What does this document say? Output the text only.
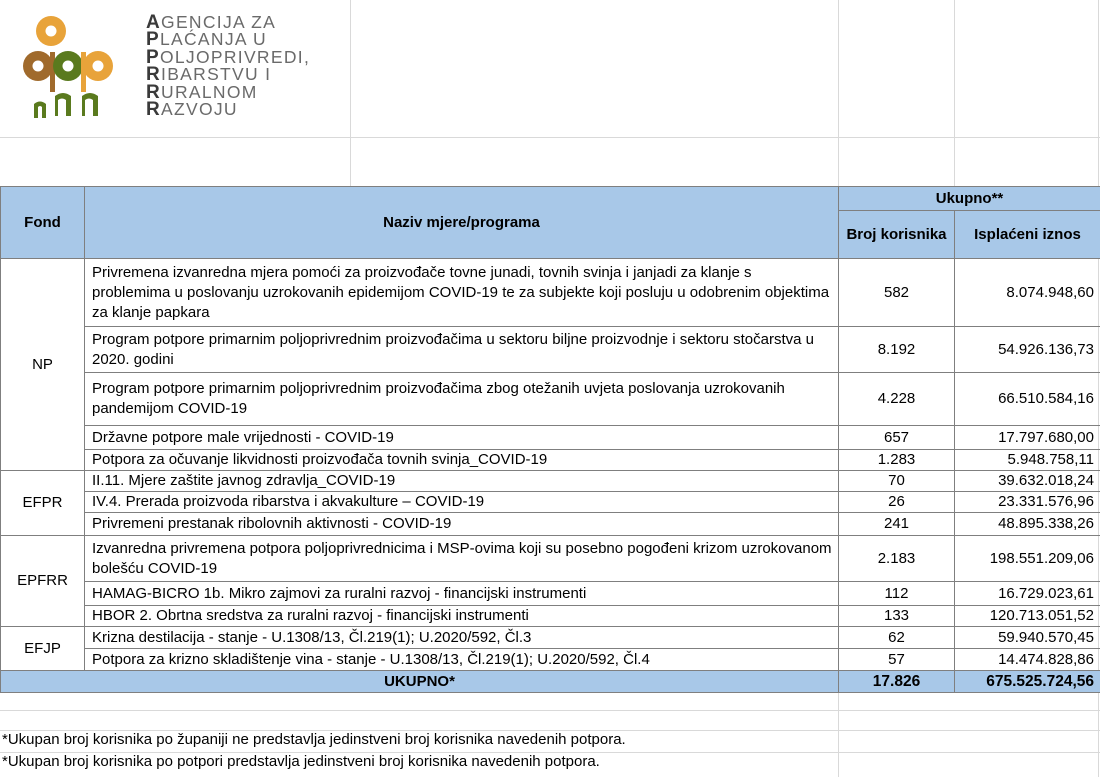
AGENCIJA ZA
PLAĆANJA U
POLJOPRIVREDI,
RIBARSTVU I
RURALNOM
RAZVOJU
Fond	Naziv mjere/programa	Ukupno**	
		Broj korisnika	Isplaćeni iznos
NP	Privremena izvanredna mjera pomoći za proizvođače tovne junadi, tovnih svinja i janjadi za klanje s problemima u poslovanju uzrokovanih epidemijom COVID-19 te za subjekte koji posluju u odobrenim objektima za klanje papkara	582	8.074.948,60
	Program potpore primarnim poljoprivrednim proizvođačima u sektoru biljne proizvodnje i sektoru stočarstva u 2020. godini	8.192	54.926.136,73
	Program potpore primarnim poljoprivrednim proizvođačima zbog otežanih uvjeta poslovanja uzrokovanih pandemijom COVID-19	4.228	66.510.584,16
	Državne potpore male vrijednosti - COVID-19	657	17.797.680,00
	Potpora za očuvanje likvidnosti proizvođača tovnih svinja_COVID-19	1.283	5.948.758,11
EFPR	II.11. Mjere zaštite javnog zdravlja_COVID-19	70	39.632.018,24
	IV.4. Prerada proizvoda ribarstva i akvakulture – COVID-19	26	23.331.576,96
	Privremeni prestanak ribolovnih aktivnosti - COVID-19	241	48.895.338,26
EPFRR	Izvanredna privremena potpora poljoprivrednicima i MSP-ovima koji su posebno pogođeni krizom uzrokovanom bolešću COVID-19	2.183	198.551.209,06
	HAMAG-BICRO 1b. Mikro zajmovi za ruralni razvoj - financijski instrumenti	112	16.729.023,61
	HBOR 2. Obrtna sredstva za ruralni razvoj - financijski instrumenti	133	120.713.051,52
EFJP	Krizna destilacija - stanje - U.1308/13, Čl.219(1); U.2020/592, Čl.3	62	59.940.570,45
	Potpora za krizno skladištenje vina - stanje - U.1308/13, Čl.219(1); U.2020/592, Čl.4	57	14.474.828,86
UKUPNO*		17.826	675.525.724,56
*Ukupan broj korisnika po županiji ne predstavlja jedinstveni broj korisnika navedenih potpora.
*Ukupan broj korisnika po potpori predstavlja jedinstveni broj korisnika navedenih potpora.
